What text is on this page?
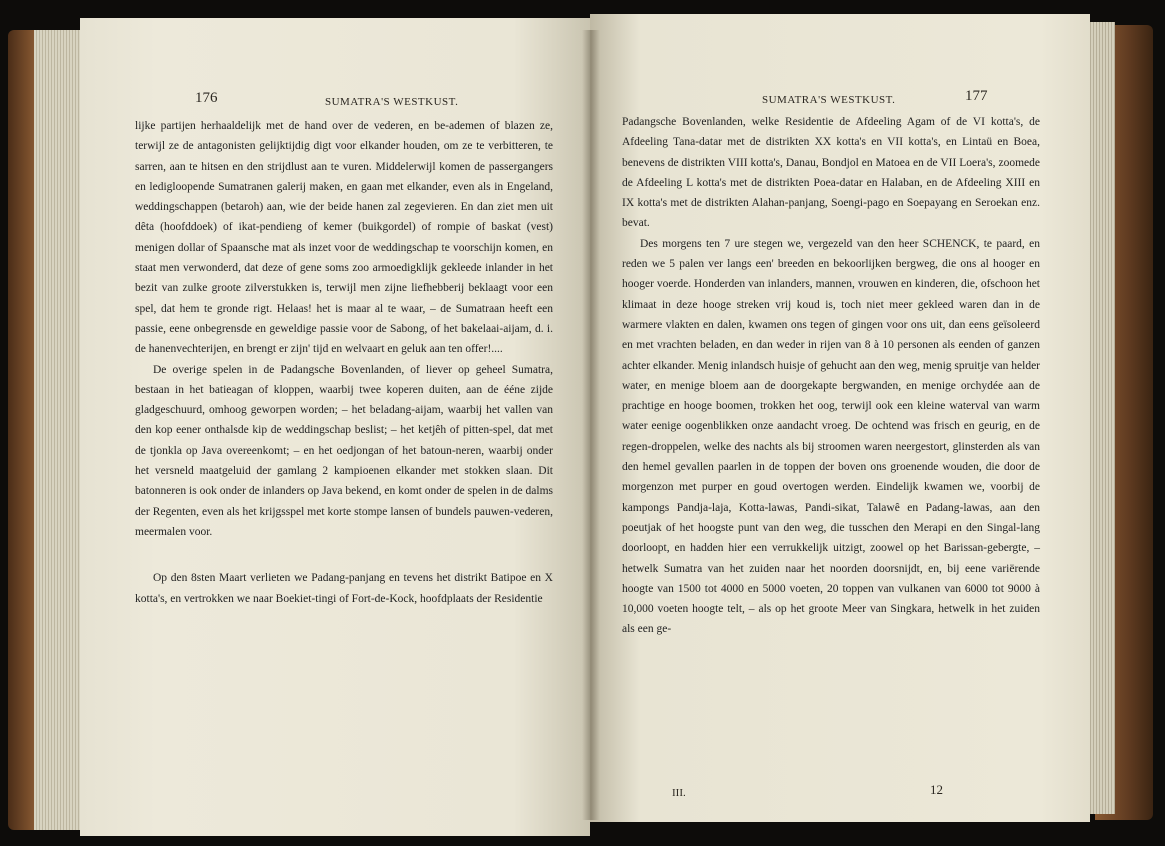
176	SUMATRA'S WESTKUST.

lijke partijen herhaaldelijk met de hand over de vederen, en be-ademen of blazen ze, terwijl ze de antagonisten gelijktijdig digt voor elkander houden, om ze te verbitteren, te sarren, aan te hitsen en den strijdlust aan te vuren. Middelerwijl komen de passergangers en ledigloopende Sumatranen galerij maken, en gaan met elkander, even als in Engeland, weddingschappen (betaroh) aan, wie der beide hanen zal zegevieren. En dan ziet men uit dêta (hoofddoek) of ikat-pendieng of kemer (buikgordel) of rompie of baskat (vest) menigen dollar of Spaansche mat als inzet voor de weddingschap te voorschijn komen, en staat men verwonderd, dat deze of gene soms zoo armoedigklijk gekleede inlander in het bezit van zulke groote zilverstukken is, terwijl men zijne liefhebberij beklaagt voor een spel, dat hem te gronde rigt. Helaas! het is maar al te waar, – de Sumatraan heeft een passie, eene onbegrensde en geweldige passie voor de Sabong, of het bakelaai-aijam, d. i. de hanenvechterijen, en brengt er zijn' tijd en welvaart en geluk aan ten offer!....

De overige spelen in de Padangsche Bovenlanden, of liever op geheel Sumatra, bestaan in het batieagan of kloppen, waarbij twee koperen duiten, aan de ééne zijde gladgeschuurd, omhoog geworpen worden; – het beladang-aijam, waarbij het vallen van den kop eener onthalsde kip de weddingschap beslist; – het ketjêh of pitten-spel, dat met de tjonkla op Java overeenkomt; – en het oedjongan of het batoun-neren, waarbij onder het versneld maatgeluid der gamlang 2 kampioenen elkander met stokken slaan. Dit batonneren is ook onder de inlanders op Java bekend, en komt onder de spelen in de dalms der Regenten, even als het krijgsspel met korte stompe lansen of bundels pauwen-vederen, meermalen voor.

Op den 8sten Maart verlieten we Padang-panjang en tevens het distrikt Batipoe en X kotta's, en vertrokken we naar Boekiet-tingi of Fort-de-Kock, hoofdplaats der Residentie

SUMATRA'S WESTKUST.	177

Padangsche Bovenlanden, welke Residentie de Afdeeling Agam of de VI kotta's, de Afdeeling Tana-datar met de distrikten XX kotta's en VII kotta's, en Lintaü en Boea, benevens de distrikten VIII kotta's, Danau, Bondjol en Matoea en de VII Loera's, zoomede de Afdeeling L kotta's met de distrikten Poea-datar en Halaban, en de Afdeeling XIII en IX kotta's met de distrikten Alahan-panjang, Soengi-pago en Soepayang en Seroekan enz. bevat.

Des morgens ten 7 ure stegen we, vergezeld van den heer SCHENCK, te paard, en reden we 5 palen ver langs een' breeden en bekoorlijken bergweg, die ons al hooger en hooger voerde. Honderden van inlanders, mannen, vrouwen en kinderen, die, ofschoon het klimaat in deze hooge streken vrij koud is, toch niet meer gekleed waren dan in de warmere vlakten en dalen, kwamen ons tegen of gingen voor ons uit, dan eens geïsoleerd en met vrachten beladen, en dan weder in rijen van 8 à 10 personen als eenden of ganzen achter elkander. Menig inlandsch huisje of gehucht aan den weg, menig spruitje van helder water, en menige bloem aan de doorgekapte bergwanden, en menige orchydée aan de prachtige en hooge boomen, trokken het oog, terwijl ook een kleine waterval van warm water eenige oogenblikken onze aandacht vroeg. De ochtend was frisch en geurig, en de regen-droppelen, welke des nachts als bij stroomen waren neergestort, glinsterden als van den hemel gevallen paarlen in de toppen der boven ons groenende wouden, die door de morgenzon met purper en goud overtogen werden. Eindelijk kwamen we, voorbij de kampongs Pandja-laja, Kotta-lawas, Pandi-sikat, Talawê en Padang-lawas, aan den poeutjak of het hoogste punt van den weg, die tusschen den Merapi en den Singal-lang doorloopt, en hadden hier een verrukkelijk uitzigt, zoowel op het Barissan-gebergte, – hetwelk Sumatra van het zuiden naar het noorden doorsnijdt, en, bij eene variërende hoogte van 1500 tot 4000 en 5000 voeten, 20 toppen van vulkanen van 6000 tot 9000 à 10,000 voeten hoogte telt, – als op het groote Meer van Singkara, hetwelk in het zuiden als een ge-

III.	12
